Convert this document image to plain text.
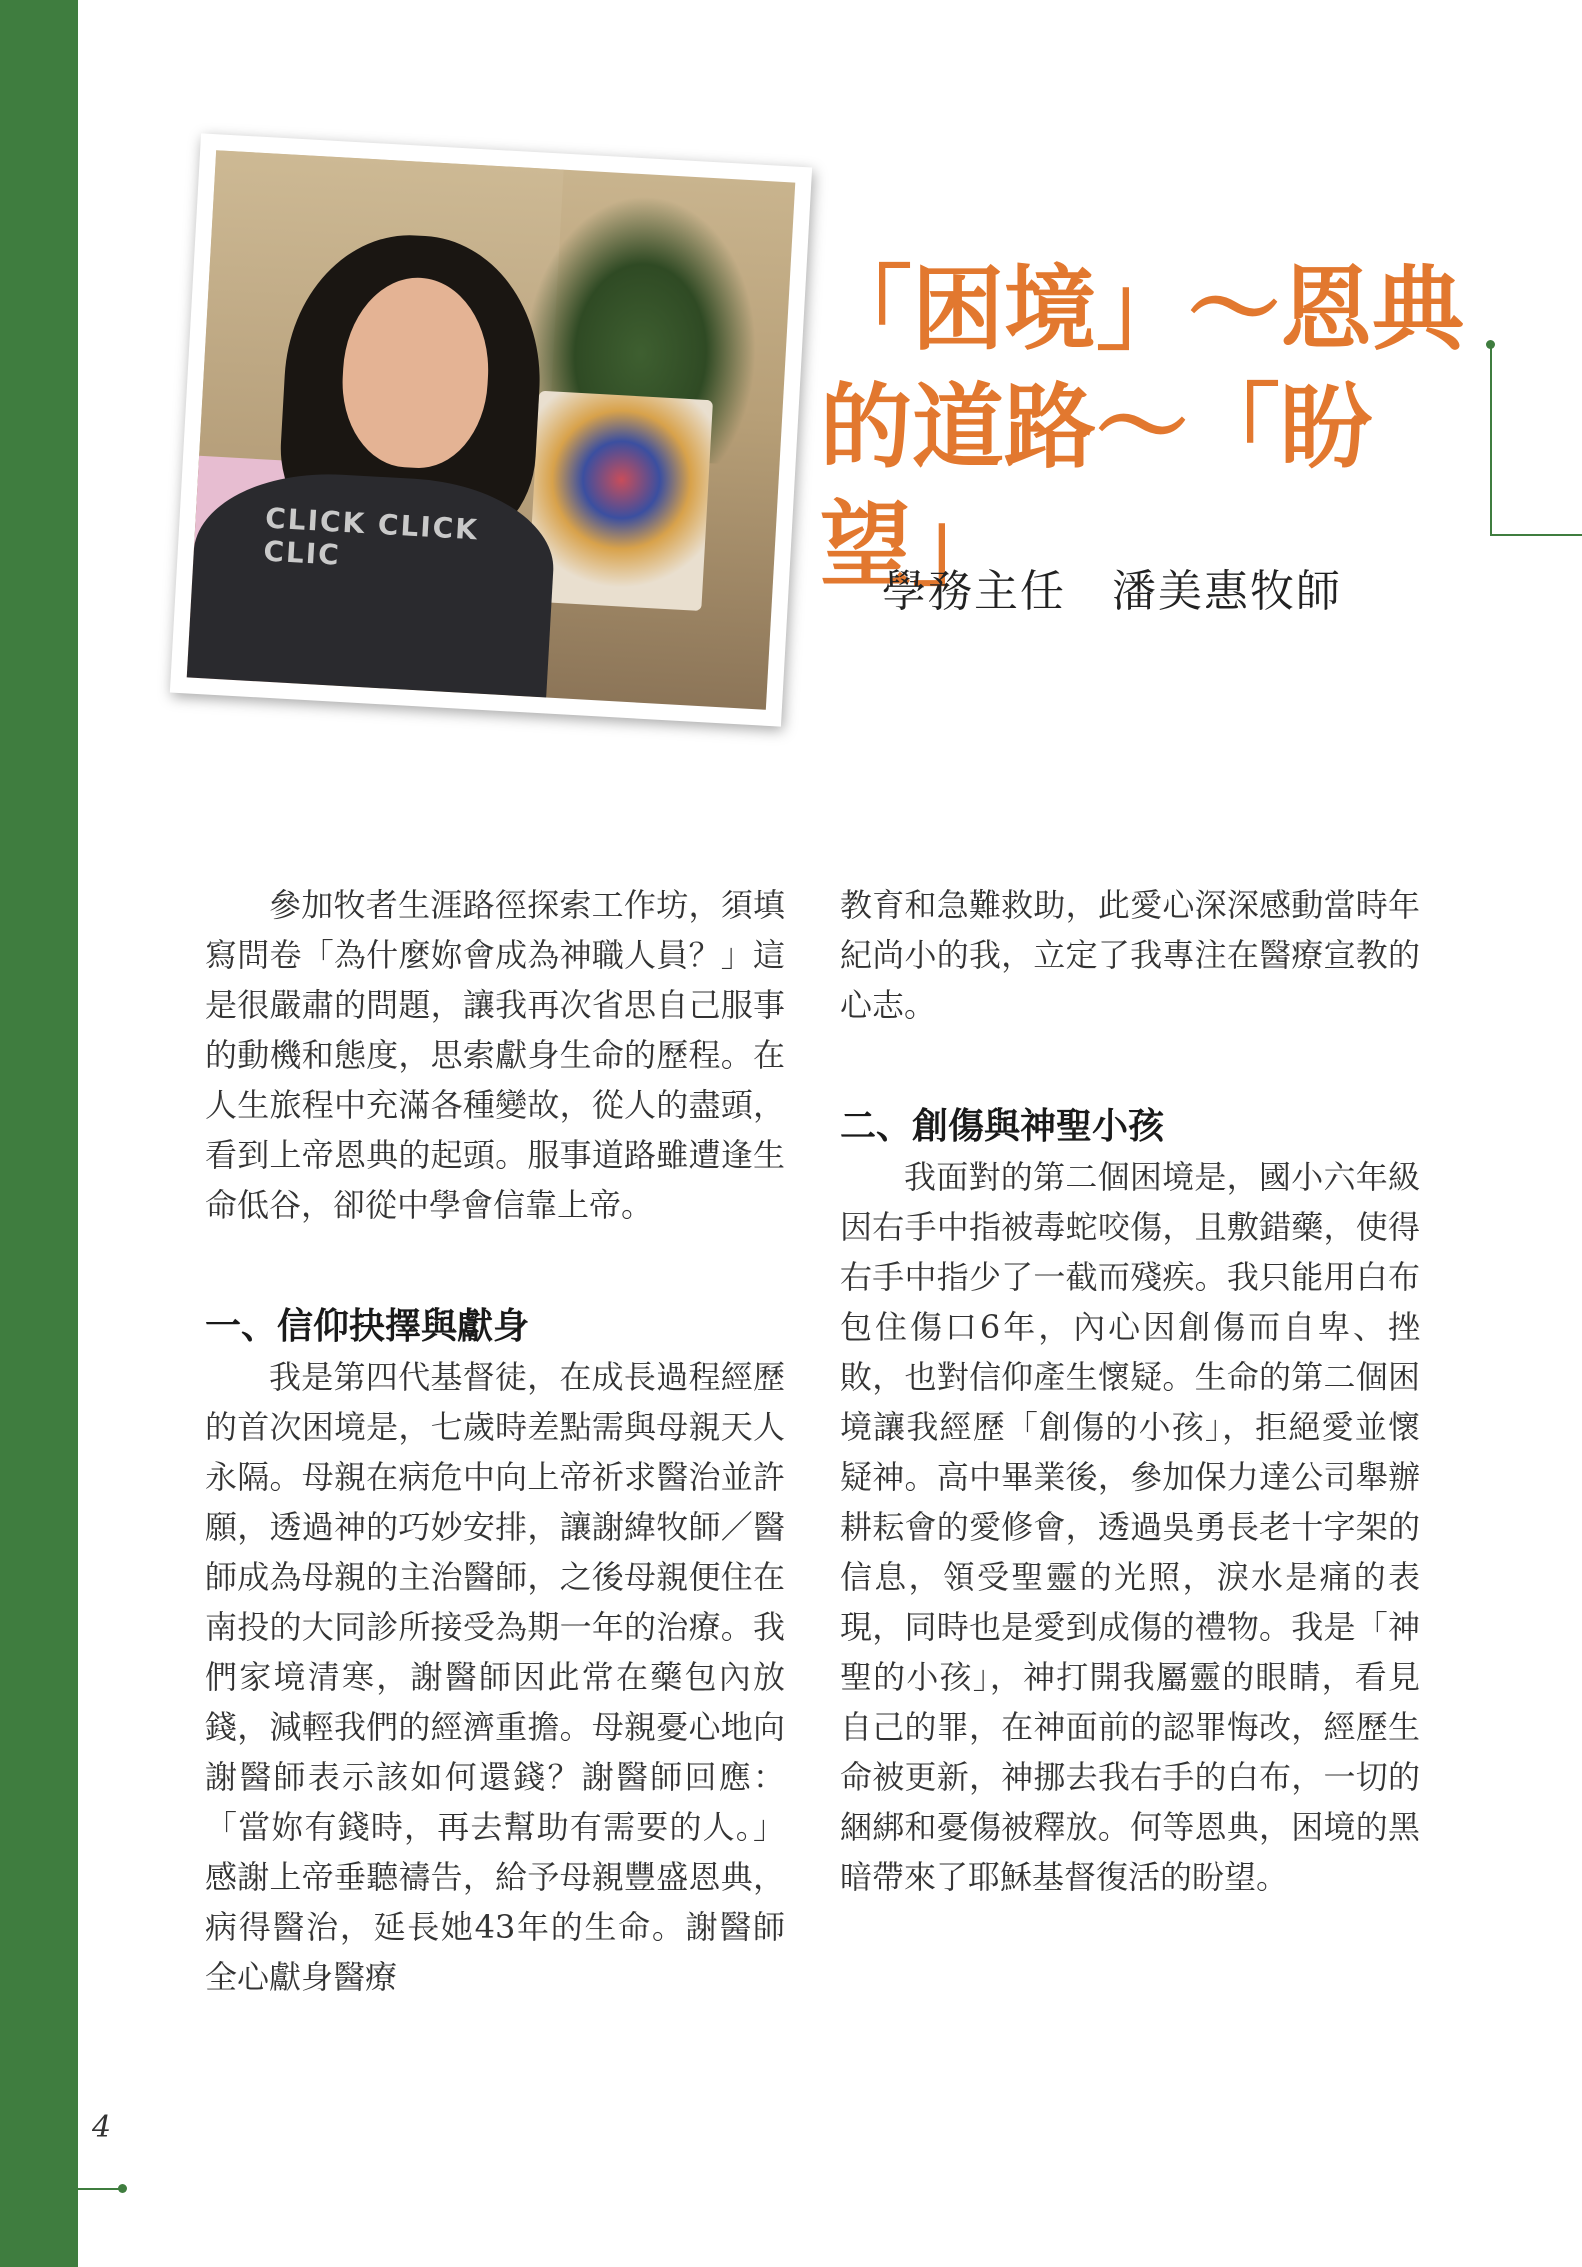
CLICK CLICK CLIC
「困境」～恩典
的道路～「盼望」
學務主任　潘美惠牧師

參加牧者生涯路徑探索工作坊，須填寫問卷「為什麼妳會成為神職人員？」這是很嚴肅的問題，讓我再次省思自己服事的動機和態度，思索獻身生命的歷程。在人生旅程中充滿各種變故，從人的盡頭，看到上帝恩典的起頭。服事道路雖遭逢生命低谷，卻從中學會信靠上帝。

一、信仰抉擇與獻身

我是第四代基督徒，在成長過程經歷的首次困境是，七歲時差點需與母親天人永隔。母親在病危中向上帝祈求醫治並許願，透過神的巧妙安排，讓謝緯牧師／醫師成為母親的主治醫師，之後母親便住在南投的大同診所接受為期一年的治療。我們家境清寒，謝醫師因此常在藥包內放錢，減輕我們的經濟重擔。母親憂心地向謝醫師表示該如何還錢？謝醫師回應：「當妳有錢時，再去幫助有需要的人。」感謝上帝垂聽禱告，給予母親豐盛恩典，病得醫治，延長她43年的生命。謝醫師全心獻身醫療

教育和急難救助，此愛心深深感動當時年紀尚小的我，立定了我專注在醫療宣教的心志。

二、創傷與神聖小孩

我面對的第二個困境是，國小六年級因右手中指被毒蛇咬傷，且敷錯藥，使得右手中指少了一截而殘疾。我只能用白布包住傷口6年，內心因創傷而自卑、挫敗，也對信仰產生懷疑。生命的第二個困境讓我經歷「創傷的小孩」，拒絕愛並懷疑神。高中畢業後，參加保力達公司舉辦耕耘會的愛修會，透過吳勇長老十字架的信息，領受聖靈的光照，淚水是痛的表現，同時也是愛到成傷的禮物。我是「神聖的小孩」，神打開我屬靈的眼睛，看見自己的罪，在神面前的認罪悔改，經歷生命被更新，神挪去我右手的白布，一切的綑綁和憂傷被釋放。何等恩典，困境的黑暗帶來了耶穌基督復活的盼望。

4
